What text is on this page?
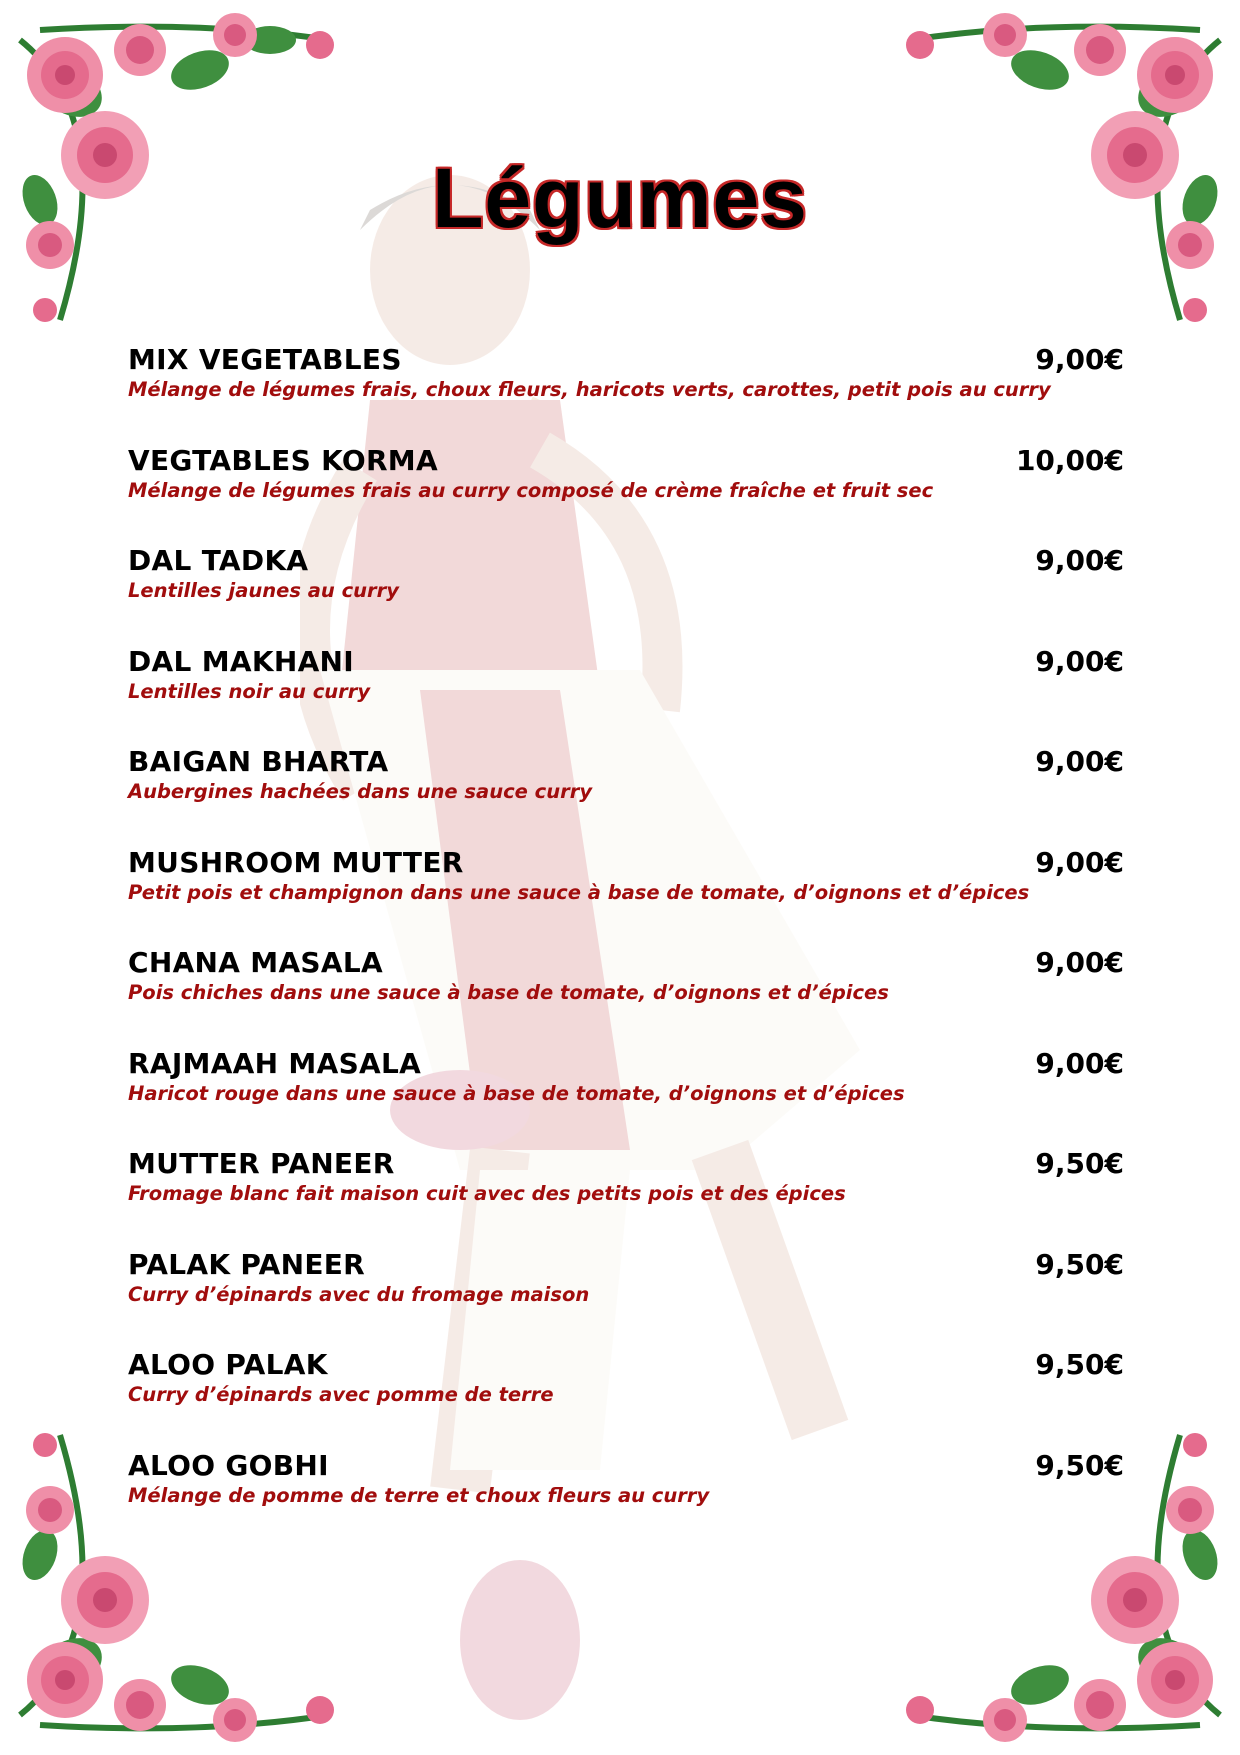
Légumes
MIX VEGETABLES	9,00€
Mélange de légumes frais, choux fleurs, haricots verts, carottes, petit pois au curry
VEGTABLES KORMA	10,00€
Mélange de légumes frais au curry composé de crème fraîche et fruit sec
DAL TADKA	9,00€
Lentilles jaunes au curry
DAL MAKHANI	9,00€
Lentilles noir au curry
BAIGAN BHARTA	9,00€
Aubergines hachées dans une sauce curry
MUSHROOM MUTTER	9,00€
Petit pois et champignon dans une sauce à base de tomate, d’oignons et d’épices
CHANA MASALA	9,00€
Pois chiches dans une sauce à base de tomate, d’oignons et d’épices
RAJMAAH MASALA	9,00€
Haricot rouge dans une sauce à base de tomate, d’oignons et d’épices
MUTTER PANEER	9,50€
Fromage blanc fait maison cuit avec des petits pois et des épices
PALAK PANEER	9,50€
Curry d’épinards avec du fromage maison
ALOO PALAK	9,50€
Curry d’épinards avec pomme de terre
ALOO GOBHI	9,50€
Mélange de pomme de terre et choux fleurs au curry
